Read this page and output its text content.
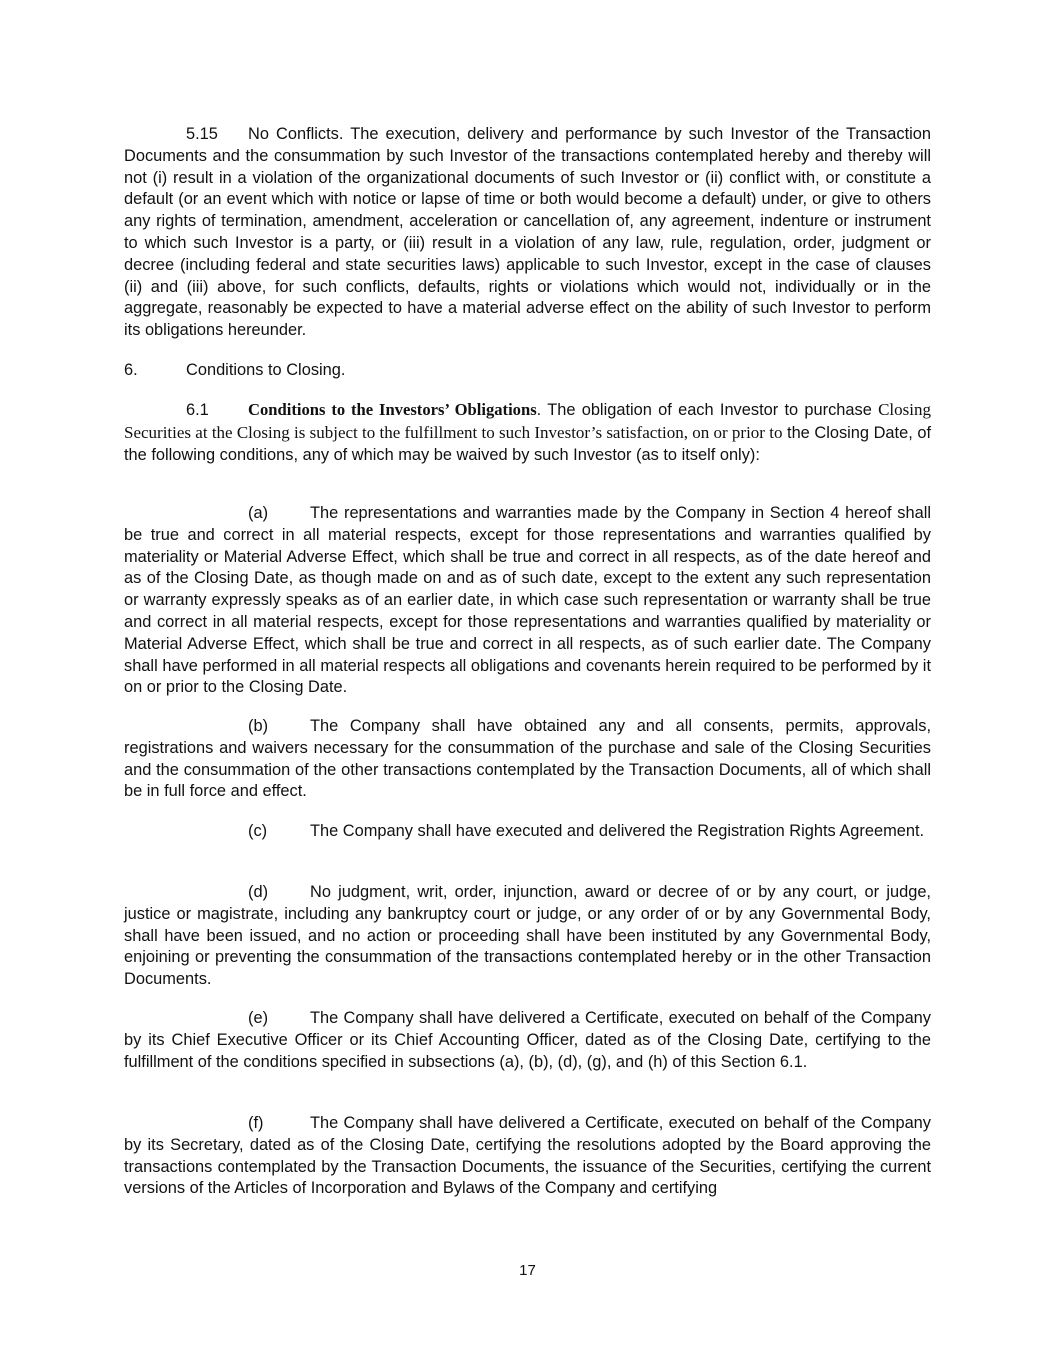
5.15 No Conflicts. The execution, delivery and performance by such Investor of the Transaction Documents and the consummation by such Investor of the transactions contemplated hereby and thereby will not (i) result in a violation of the organizational documents of such Investor or (ii) conflict with, or constitute a default (or an event which with notice or lapse of time or both would become a default) under, or give to others any rights of termination, amendment, acceleration or cancellation of, any agreement, indenture or instrument to which such Investor is a party, or (iii) result in a violation of any law, rule, regulation, order, judgment or decree (including federal and state securities laws) applicable to such Investor, except in the case of clauses (ii) and (iii) above, for such conflicts, defaults, rights or violations which would not, individually or in the aggregate, reasonably be expected to have a material adverse effect on the ability of such Investor to perform its obligations hereunder.

6.	Conditions to Closing.

6.1 Conditions to the Investors’ Obligations. The obligation of each Investor to purchase Closing Securities at the Closing is subject to the fulfillment to such Investor’s satisfaction, on or prior to the Closing Date, of the following conditions, any of which may be waived by such Investor (as to itself only):

(a)	The representations and warranties made by the Company in Section 4 hereof shall be true and correct in all material respects, except for those representations and warranties qualified by materiality or Material Adverse Effect, which shall be true and correct in all respects, as of the date hereof and as of the Closing Date, as though made on and as of such date, except to the extent any such representation or warranty expressly speaks as of an earlier date, in which case such representation or warranty shall be true and correct in all material respects, except for those representations and warranties qualified by materiality or Material Adverse Effect, which shall be true and correct in all respects, as of such earlier date. The Company shall have performed in all material respects all obligations and covenants herein required to be performed by it on or prior to the Closing Date.

(b)	The Company shall have obtained any and all consents, permits, approvals, registrations and waivers necessary for the consummation of the purchase and sale of the Closing Securities and the consummation of the other transactions contemplated by the Transaction Documents, all of which shall be in full force and effect.

(c)	The Company shall have executed and delivered the Registration Rights Agreement.

(d)	No judgment, writ, order, injunction, award or decree of or by any court, or judge, justice or magistrate, including any bankruptcy court or judge, or any order of or by any Governmental Body, shall have been issued, and no action or proceeding shall have been instituted by any Governmental Body, enjoining or preventing the consummation of the transactions contemplated hereby or in the other Transaction Documents.

(e)	The Company shall have delivered a Certificate, executed on behalf of the Company by its Chief Executive Officer or its Chief Accounting Officer, dated as of the Closing Date, certifying to the fulfillment of the conditions specified in subsections (a), (b), (d), (g), and (h) of this Section 6.1.

(f)	The Company shall have delivered a Certificate, executed on behalf of the Company by its Secretary, dated as of the Closing Date, certifying the resolutions adopted by the Board approving the transactions contemplated by the Transaction Documents, the issuance of the Securities, certifying the current versions of the Articles of Incorporation and Bylaws of the Company and certifying

17
